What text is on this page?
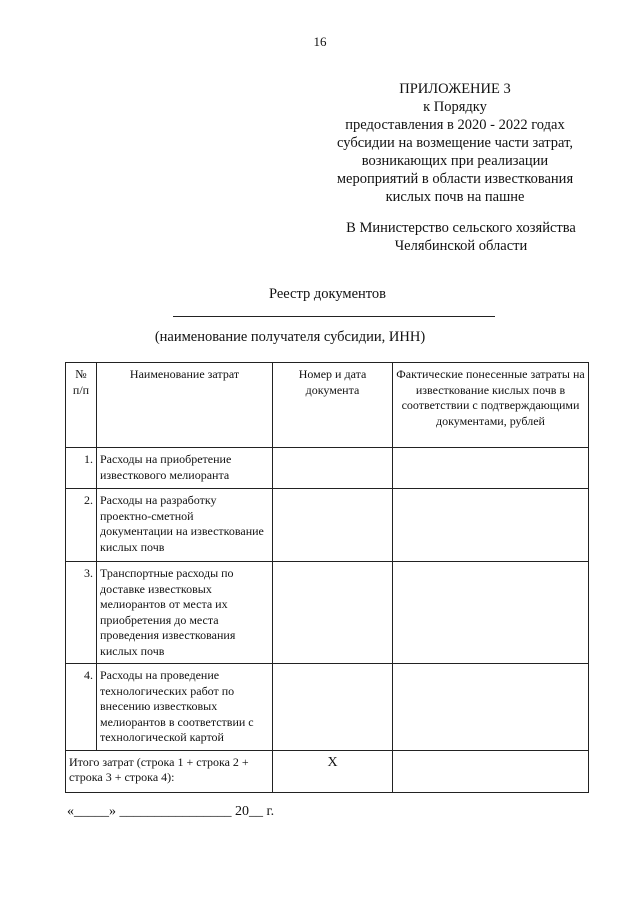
16
ПРИЛОЖЕНИЕ 3
к Порядку
предоставления в 2020 - 2022 годах
субсидии на возмещение части затрат,
возникающих при реализации
мероприятий в области известкования
кислых почв на пашне
В Министерство сельского хозяйства
Челябинской области
Реестр документов
(наименование получателя субсидии, ИНН)
№ п/п	Наименование затрат	Номер и дата документа	Фактические понесенные затраты на известкование кислых почв в соответствии с подтверждающими документами, рублей
1.	Расходы на приобретение известкового мелиоранта		
2.	Расходы на разработку проектно-сметной документации на известкование кислых почв		
3.	Транспортные расходы по доставке известковых мелиорантов от места их приобретения до места проведения известкования кислых почв		
4.	Расходы на проведение технологических работ по внесению известковых мелиорантов в соответствии с технологической картой		
Итого затрат (строка 1 + строка 2 + строка 3 + строка 4):		X	
«_____» ________________ 20__ г.
